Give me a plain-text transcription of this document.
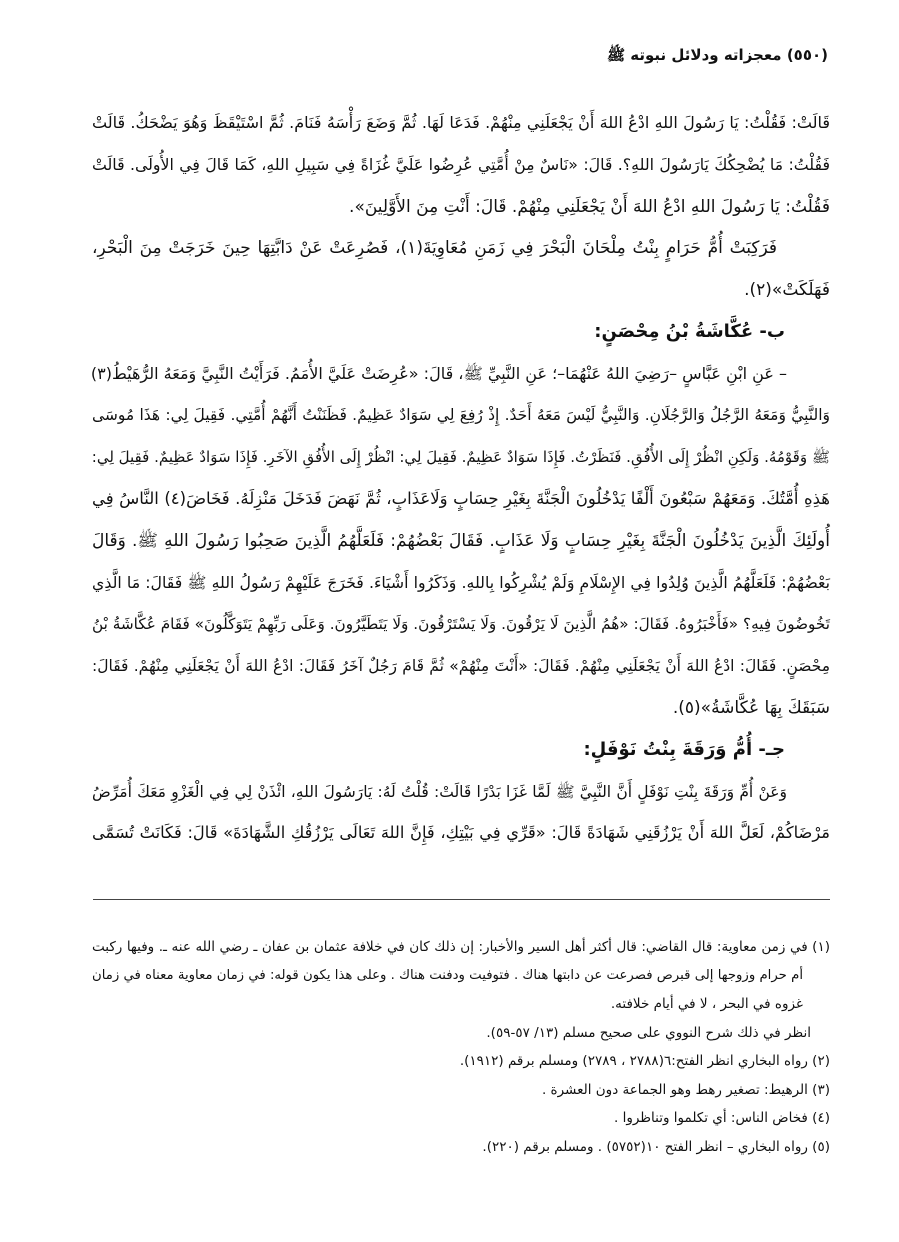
(٥٥٠) معجزاته ودلائل نبوته ﷺ
قَالَتْ: فَقُلْتُ: يَا رَسُولَ اللهِ ادْعُ اللهَ أَنْ يَجْعَلَنِي مِنْهُمْ. فَدَعَا لَهَا. ثُمَّ وَضَعَ رَأْسَهُ فَنَامَ. ثُمَّ اسْتَيْقَظَ وَهُوَ يَضْحَكُ. قَالَتْ
فَقُلْتُ: مَا يُضْحِكُكَ يَارَسُولَ اللهِ؟. قَالَ: «نَاسٌ مِنْ أُمَّتِي عُرِضُوا عَلَيَّ غُزَاةً فِي سَبِيلِ اللهِ، كَمَا قَالَ فِي الأُولَى. قَالَتْ
فَقُلْتُ: يَا رَسُولَ اللهِ ادْعُ اللهَ أَنْ يَجْعَلَنِي مِنْهُمْ. قَالَ: أَنْتِ مِنَ الأَوَّلِينَ».
فَرَكِبَتْ أُمُّ حَرَامٍ بِنْتُ مِلْحَانَ الْبَحْرَ فِي زَمَنِ مُعَاوِيَةَ(١)، فَصُرِعَتْ عَنْ دَابَّتِهَا حِينَ خَرَجَتْ مِنَ الْبَحْرِ،
فَهَلَكَتْ»(٢).
ب- عُكَّاشَةُ بْنُ مِحْصَنٍ:
– عَنِ ابْنِ عَبَّاسٍ –رَضِيَ اللهُ عَنْهُمَا–؛ عَنِ النَّبِيِّ ﷺ، قَالَ: «عُرِضَتْ عَلَيَّ الأُمَمُ. فَرَأَيْتُ النَّبِيَّ وَمَعَهُ الرُّهَيْطُ(٣)
وَالنَّبِيُّ وَمَعَهُ الرَّجُلُ وَالرَّجُلَانِ. وَالنَّبِيُّ لَيْسَ مَعَهُ أَحَدٌ. إِذْ رُفِعَ لِي سَوَادٌ عَظِيمٌ. فَظَنَنْتُ أَنَّهُمْ أُمَّتِي. فَقِيلَ لِي: هَذَا مُوسَى
ﷺ وَقَوْمُهُ. وَلَكِنِ انْظُرْ إِلَى الأُفُقِ. فَنَظَرْتُ. فَإِذَا سَوَادٌ عَظِيمٌ. فَقِيلَ لِي: انْظُرْ إِلَى الأُفُقِ الآخَرِ. فَإِذَا سَوَادٌ عَظِيمٌ. فَقِيلَ لِي:
هَذِهِ أُمَّتُكَ. وَمَعَهُمْ سَبْعُونَ أَلْفًا يَدْخُلُونَ الْجَنَّةَ بِغَيْرِ حِسَابٍ وَلَاعَذَابٍ، ثُمَّ نَهَضَ فَدَخَلَ مَنْزِلَهُ. فَخَاضَ(٤) النَّاسُ فِي
أُولَئِكَ الَّذِينَ يَدْخُلُونَ الْجَنَّةَ بِغَيْرِ حِسَابٍ وَلَا عَذَابٍ. فَقَالَ بَعْضُهُمْ: فَلَعَلَّهُمُ الَّذِينَ صَحِبُوا رَسُولَ اللهِ ﷺ. وَقَالَ
بَعْضُهُمْ: فَلَعَلَّهُمُ الَّذِينَ وُلِدُوا فِي الإِسْلَامِ وَلَمْ يُشْرِكُوا بِاللهِ. وَذَكَرُوا أَشْيَاءَ. فَخَرَجَ عَلَيْهِمْ رَسُولُ اللهِ ﷺ فَقَالَ: مَا الَّذِي
تَخُوضُونَ فِيهِ؟ «فَأَخْبَرُوهُ. فَقَالَ: «هُمُ الَّذِينَ لَا يَرْقُونَ. وَلَا يَسْتَرْقُونَ. وَلَا يَتَطَيَّرُونَ. وَعَلَى رَبِّهِمْ يَتَوَكَّلُونَ» فَقَامَ عُكَّاشَةُ بْنُ
مِحْصَنٍ. فَقَالَ: ادْعُ اللهَ أَنْ يَجْعَلَنِي مِنْهُمْ. فَقَالَ: «أَنْتَ مِنْهُمْ» ثُمَّ قَامَ رَجُلٌ آخَرُ فَقَالَ: ادْعُ اللهَ أَنْ يَجْعَلَنِي مِنْهُمْ. فَقَالَ:
سَبَقَكَ بِهَا عُكَّاشَةُ»(٥).
جـ- أُمُّ وَرَقَةَ بِنْتُ نَوْفَلٍ:
وَعَنْ أُمِّ وَرَقَةَ بِنْتِ نَوْفَلٍ أَنَّ النَّبِيَّ ﷺ لَمَّا غَزَا بَدْرًا قَالَتْ: قُلْتُ لَهُ: يَارَسُولَ اللهِ، ائْذَنْ لِي فِي الْغَزْوِ مَعَكَ أُمَرِّضُ
مَرْضَاكُمْ، لَعَلَّ اللهَ أَنْ يَرْزُقَنِي شَهَادَةً قَالَ: «قَرِّي فِي بَيْتِكِ، فَإِنَّ اللهَ تَعَالَى يَرْزُقُكِ الشَّهَادَةَ» قَالَ: فَكَانَتْ تُسَمَّى
(١) في زمن معاوية: قال القاضي: قال أكثر أهل السير والأخبار: إن ذلك كان في خلافة عثمان بن عفان ـ رضي الله عنه ـ. وفيها ركبت
أم حرام وزوجها إلى قبرص فصرعت عن دابتها هناك . فتوفيت ودفنت هناك . وعلى هذا يكون قوله: في زمان معاوية معناه في زمان
غزوه في البحر ، لا في أيام خلافته.
انظر في ذلك شرح النووي على صحيح مسلم (١٣/ ٥٧-٥٩).
(٢) رواه البخاري انظر الفتح:٦(٢٧٨٨ ، ٢٧٨٩) ومسلم برقم (١٩١٢).
(٣) الرهيط: تصغير رهط وهو الجماعة دون العشرة .
(٤) فخاض الناس: أي تكلموا وتناظروا .
(٥) رواه البخاري – انظر الفتح ١٠(٥٧٥٢) . ومسلم برقم (٢٢٠).
